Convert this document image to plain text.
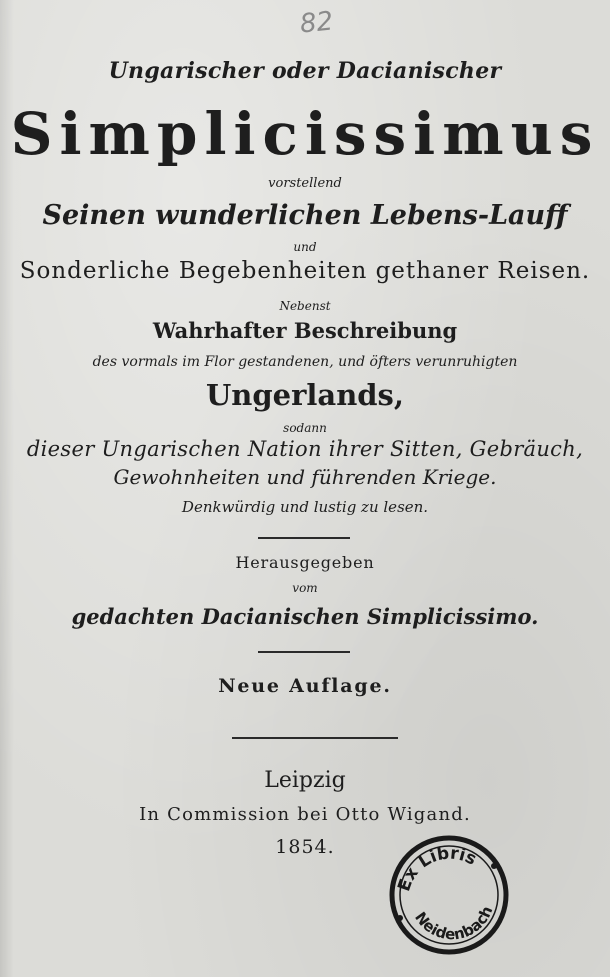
82
Ungarischer oder Dacianischer
Simplicissimus
vorstellend
Seinen wunderlichen Lebens-Lauff
und
Sonderliche Begebenheiten gethaner Reisen.
Nebenst
Wahrhafter Beschreibung
des vormals im Flor gestandenen, und öfters verunruhigten
Ungerlands,
sodann
dieser Ungarischen Nation ihrer Sitten, Gebräuch,
Gewohnheiten und führenden Kriege.
Denkwürdig und lustig zu lesen.
Herausgegeben
vom
gedachten Dacianischen Simplicissimo.
Neue Auflage.
Leipzig
In Commission bei Otto Wigand.
1854.
Ex Libris
Neidenbach
